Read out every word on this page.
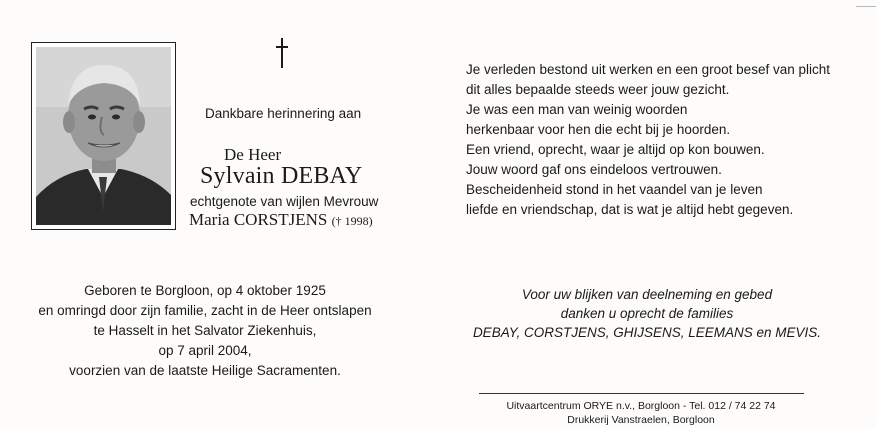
Dankbare herinnering aan
De Heer
Sylvain DEBAY
echtgenote van wijlen Mevrouw
Maria CORSTJENS († 1998)
Geboren te Borgloon, op 4 oktober 1925
en omringd door zijn familie, zacht in de Heer ontslapen
te Hasselt in het Salvator Ziekenhuis,
op 7 april 2004,
voorzien van de laatste Heilige Sacramenten.
Je verleden bestond uit werken en een groot besef van plicht
dit alles bepaalde steeds weer jouw gezicht.
Je was een man van weinig woorden
herkenbaar voor hen die echt bij je hoorden.
Een vriend, oprecht, waar je altijd op kon bouwen.
Jouw woord gaf ons eindeloos vertrouwen.
Bescheidenheid stond in het vaandel van je leven
liefde en vriendschap, dat is wat je altijd hebt gegeven.
Voor uw blijken van deelneming en gebed
danken u oprecht de families
DEBAY, CORSTJENS, GHIJSENS, LEEMANS en MEVIS.
Uitvaartcentrum ORYE n.v., Borgloon - Tel. 012 / 74 22 74
Drukkerij Vanstraelen, Borgloon
